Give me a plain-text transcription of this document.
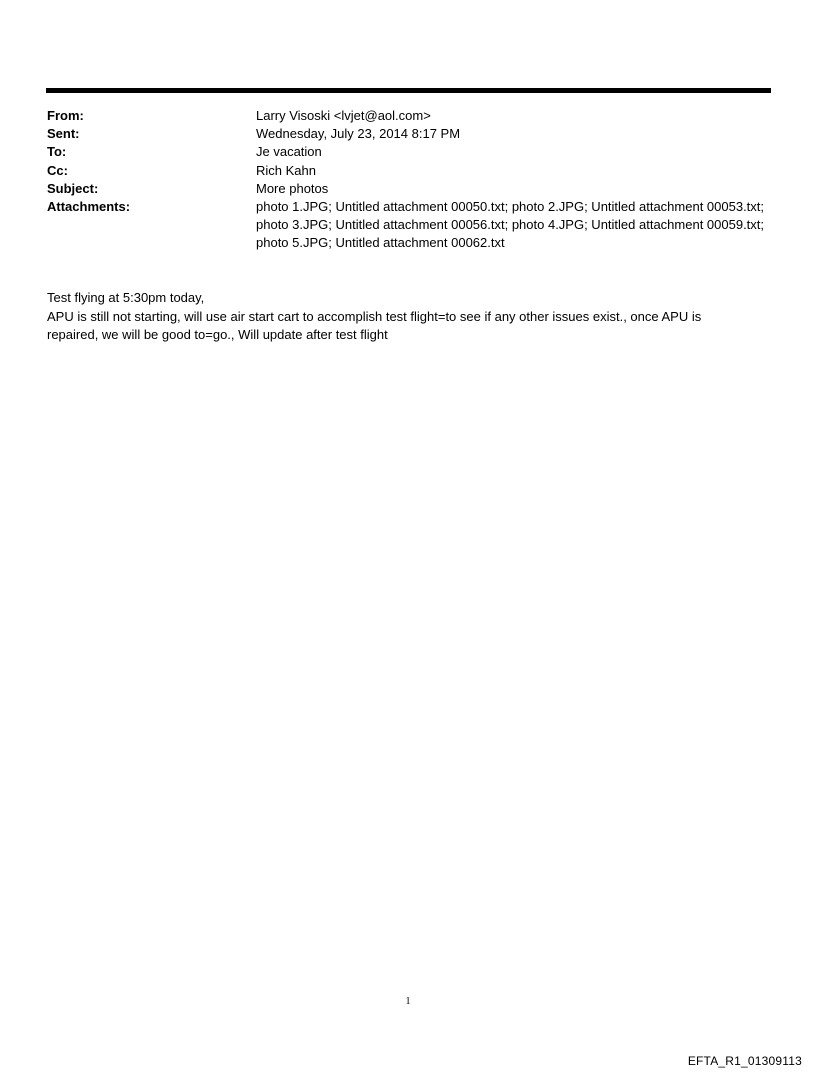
From:	Larry Visoski <lvjet@aol.com>
Sent:	Wednesday, July 23, 2014 8:17 PM
To:	Je vacation
Cc:	Rich Kahn
Subject:	More photos
Attachments:	photo 1.JPG; Untitled attachment 00050.txt; photo 2.JPG; Untitled attachment 00053.txt; photo 3.JPG; Untitled attachment 00056.txt; photo 4.JPG; Untitled attachment 00059.txt; photo 5.JPG; Untitled attachment 00062.txt
Test flying at 5:30pm today,
APU is still not starting, will use air start cart to accomplish test flight=to see if any other issues exist., once APU is repaired, we will be good to=go., Will update after test flight
1
EFTA_R1_01309113
